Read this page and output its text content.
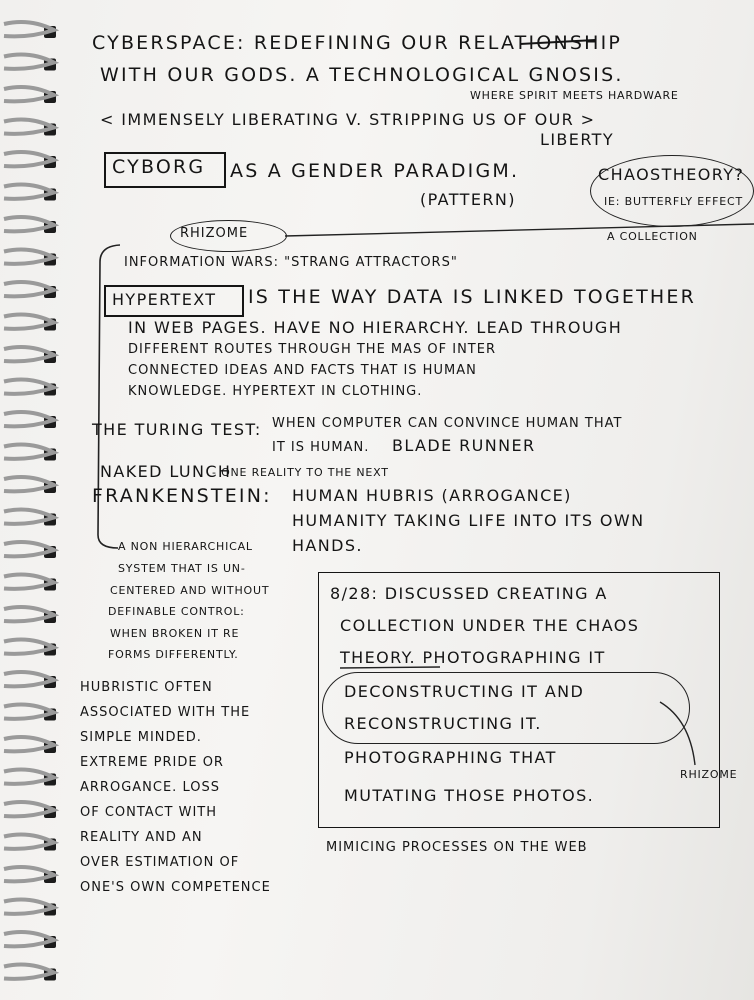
CYBERSPACE: REDEFINING OUR RELATIONSHIP
WITH OUR GODS. A TECHNOLOGICAL GNOSIS.
WHERE SPIRIT MEETS HARDWARE
< IMMENSELY LIBERATING V. STRIPPING US OF OUR >
LIBERTY
CYBORG AS A GENDER PARADIGM.
(PATTERN)
CHAOSTHEORY?
IE: BUTTERFLY EFFECT
A COLLECTION
RHIZOME
INFORMATION WARS: "STRANG ATTRACTORS"
HYPERTEXT IS THE WAY DATA IS LINKED TOGETHER
IN WEB PAGES. HAVE NO HIERARCHY. LEAD THROUGH
DIFFERENT ROUTES THROUGH THE MAS OF INTER
CONNECTED IDEAS AND FACTS THAT IS HUMAN
KNOWLEDGE. HYPERTEXT IN CLOTHING.
THE TURING TEST: WHEN COMPUTER CAN CONVINCE HUMAN THAT
IT IS HUMAN. BLADE RUNNER
NAKED LUNCH
- ONE REALITY TO THE NEXT
FRANKENSTEIN: HUMAN HUBRIS (ARROGANCE)
HUMANITY TAKING LIFE INTO ITS OWN
HANDS.
A NON HIERARCHICAL
SYSTEM THAT IS UN-
CENTERED AND WITHOUT
DEFINABLE CONTROL:
WHEN BROKEN IT RE
FORMS DIFFERENTLY.
HUBRISTIC OFTEN
ASSOCIATED WITH THE
SIMPLE MINDED.
EXTREME PRIDE OR
ARROGANCE. LOSS
OF CONTACT WITH
REALITY AND AN
OVER ESTIMATION OF
ONE'S OWN COMPETENCE
8/28: DISCUSSED CREATING A
COLLECTION UNDER THE CHAOS
THEORY. PHOTOGRAPHING IT
DECONSTRUCTING IT AND
RECONSTRUCTING IT.
PHOTOGRAPHING THAT
MUTATING THOSE PHOTOS.
RHIZOME
MIMICING PROCESSES ON THE WEB
